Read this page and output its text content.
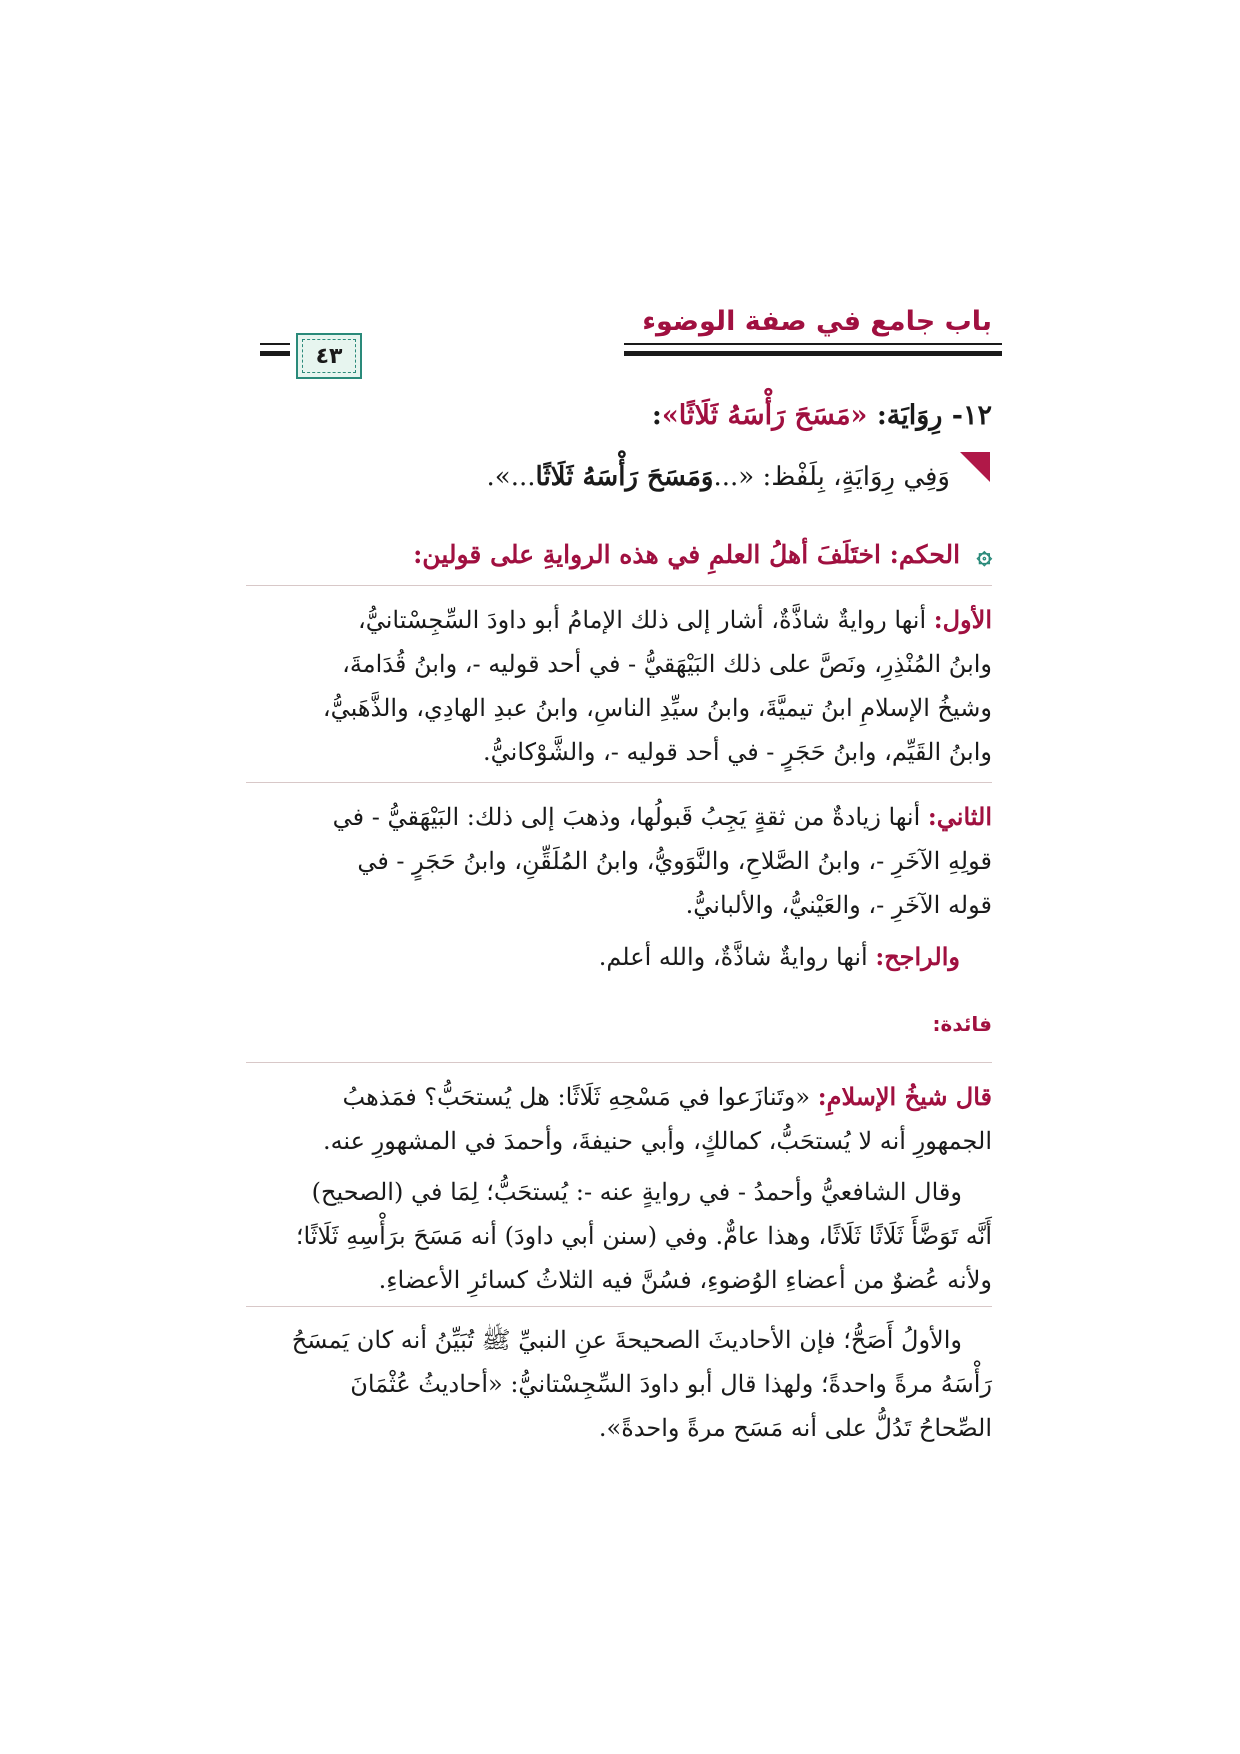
باب جامع في صفة الوضوء
٤٣
١٢- رِوَايَة: «مَسَحَ رَأْسَهُ ثَلَاثًا»:
وَفِي رِوَايَةٍ، بِلَفْظ: «...وَمَسَحَ رَأْسَهُ ثَلَاثًا...».
۞ الحكم: اختَلَفَ أهلُ العلمِ في هذه الروايةِ على قولين:
الأول: أنها روايةٌ شاذَّةٌ، أشار إلى ذلك الإمامُ أبو داودَ السِّجِسْتانيُّ،
وابنُ المُنْذِرِ، ونَصَّ على ذلك البَيْهَقيُّ - في أحد قوليه -، وابنُ قُدَامةَ،
وشيخُ الإسلامِ ابنُ تيميَّةَ، وابنُ سيِّدِ الناسِ، وابنُ عبدِ الهادِي، والذَّهَبيُّ،
وابنُ القَيِّم، وابنُ حَجَرٍ - في أحد قوليه -، والشَّوْكانيُّ.
الثاني: أنها زيادةٌ من ثقةٍ يَجِبُ قَبولُها، وذهبَ إلى ذلك: البَيْهَقيُّ - في
قولِهِ الآخَرِ -، وابنُ الصَّلاحِ، والنَّوَويُّ، وابنُ المُلَقِّنِ، وابنُ حَجَرٍ - في
قوله الآخَرِ -، والعَيْنيُّ، والألبانيُّ.
والراجح: أنها روايةٌ شاذَّةٌ، والله أعلم.
فائدة:
قال شيخُ الإسلامِ: «وتَنازَعوا في مَسْحِهِ ثَلَاثًا: هل يُستحَبُّ؟ فمَذهبُ
الجمهورِ أنه لا يُستحَبُّ، كمالكٍ، وأبي حنيفةَ، وأحمدَ في المشهورِ عنه.
وقال الشافعيُّ وأحمدُ - في روايةٍ عنه -: يُستحَبُّ؛ لِمَا في (الصحيح)
أَنَّه تَوَضَّأَ ثَلَاثًا ثَلَاثًا، وهذا عامٌّ. وفي (سنن أبي داودَ) أنه مَسَحَ برَأْسِهِ ثَلَاثًا؛
ولأنه عُضوٌ من أعضاءِ الوُضوءِ، فسُنَّ فيه الثلاثُ كسائرِ الأعضاءِ.
والأولُ أَصَحُّ؛ فإن الأحاديثَ الصحيحةَ عنِ النبيِّ ﷺ تُبَيِّنُ أنه كان يَمسَحُ
رَأْسَهُ مرةً واحدةً؛ ولهذا قال أبو داودَ السِّجِسْتانيُّ: «أحاديثُ عُثْمَانَ
الصِّحاحُ تَدُلُّ على أنه مَسَح مرةً واحدةً».
